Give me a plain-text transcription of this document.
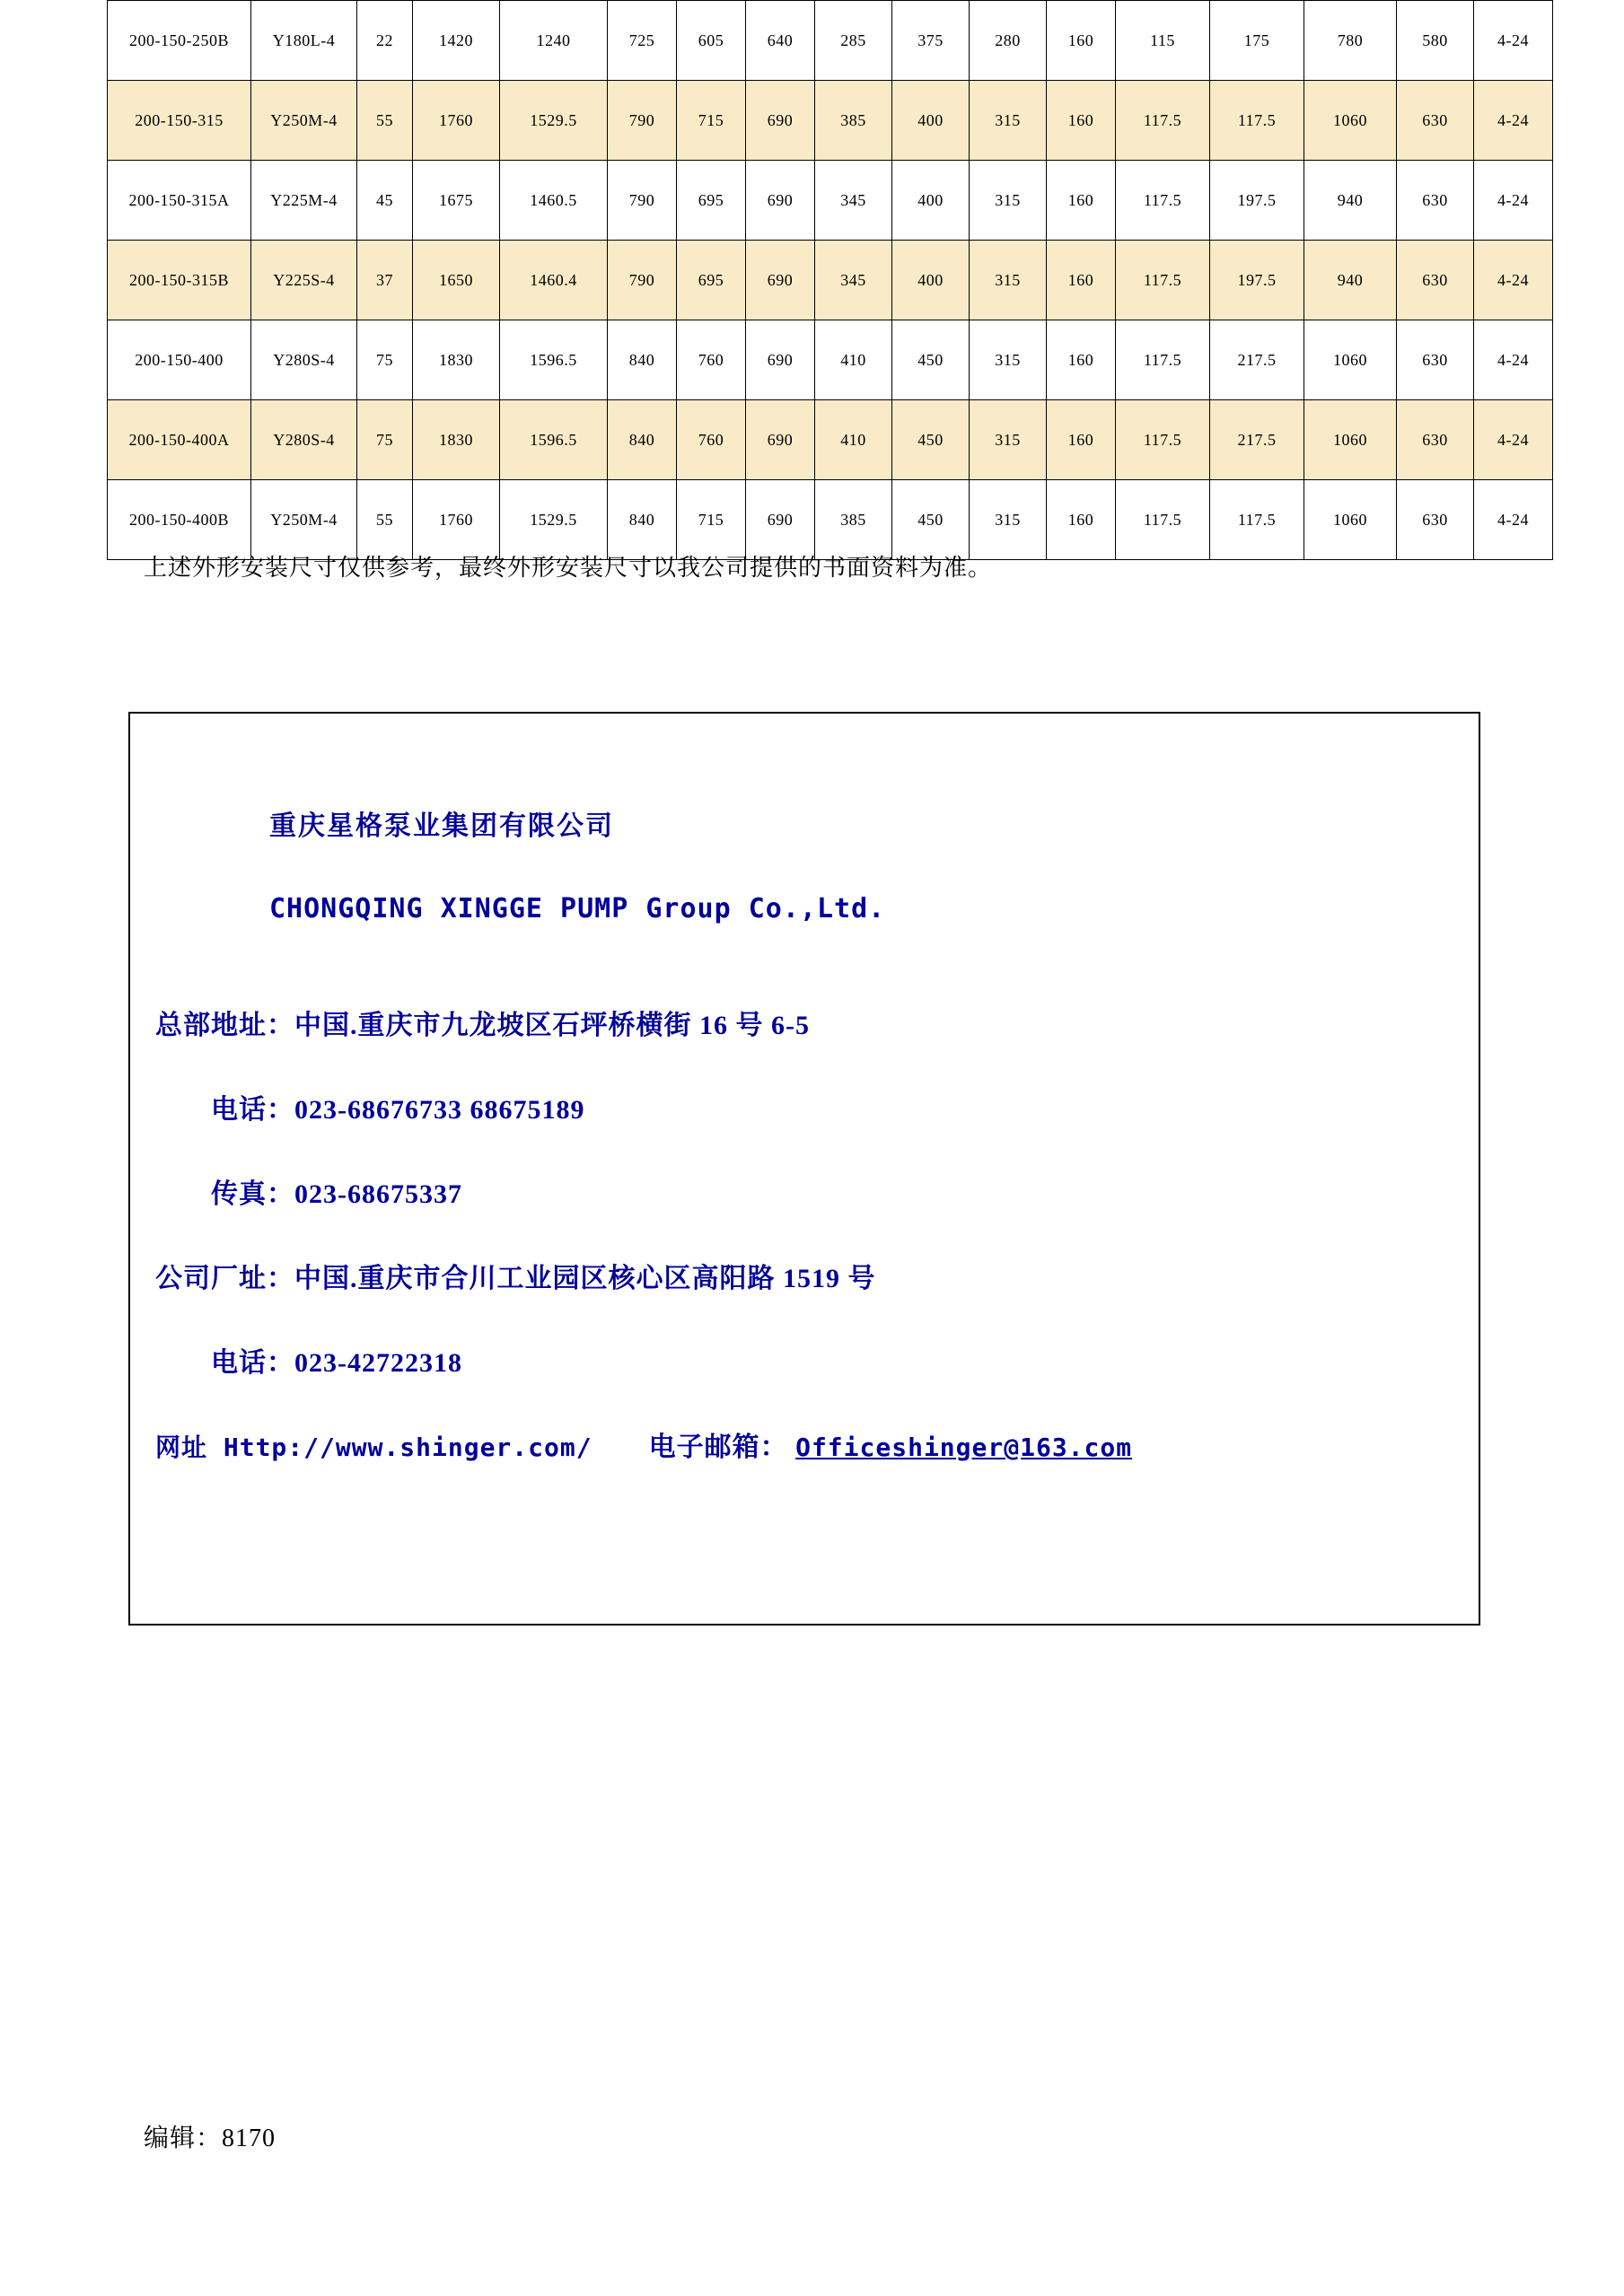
200-150-250B	Y180L-4	22	1420	1240	725	605	640	285	375	280	160	115	175	780	580	4-24
200-150-315	Y250M-4	55	1760	1529.5	790	715	690	385	400	315	160	117.5	117.5	1060	630	4-24
200-150-315A	Y225M-4	45	1675	1460.5	790	695	690	345	400	315	160	117.5	197.5	940	630	4-24
200-150-315B	Y225S-4	37	1650	1460.4	790	695	690	345	400	315	160	117.5	197.5	940	630	4-24
200-150-400	Y280S-4	75	1830	1596.5	840	760	690	410	450	315	160	117.5	217.5	1060	630	4-24
200-150-400A	Y280S-4	75	1830	1596.5	840	760	690	410	450	315	160	117.5	217.5	1060	630	4-24
200-150-400B	Y250M-4	55	1760	1529.5	840	715	690	385	450	315	160	117.5	117.5	1060	630	4-24
上述外形安装尺寸仅供参考，最终外形安装尺寸以我公司提供的书面资料为准。
重庆星格泵业集团有限公司
CHONGQING XINGGE PUMP Group Co.,Ltd.
总部地址：中国.重庆市九龙坡区石坪桥横街 16 号 6-5
电话：023-68676733 68675189
传真：023-68675337
公司厂址：中国.重庆市合川工业园区核心区高阳路 1519 号
电话：023-42722318
网址 Http://www.shinger.com/ 电子邮箱： Officeshinger@163.com
编辑：8170
